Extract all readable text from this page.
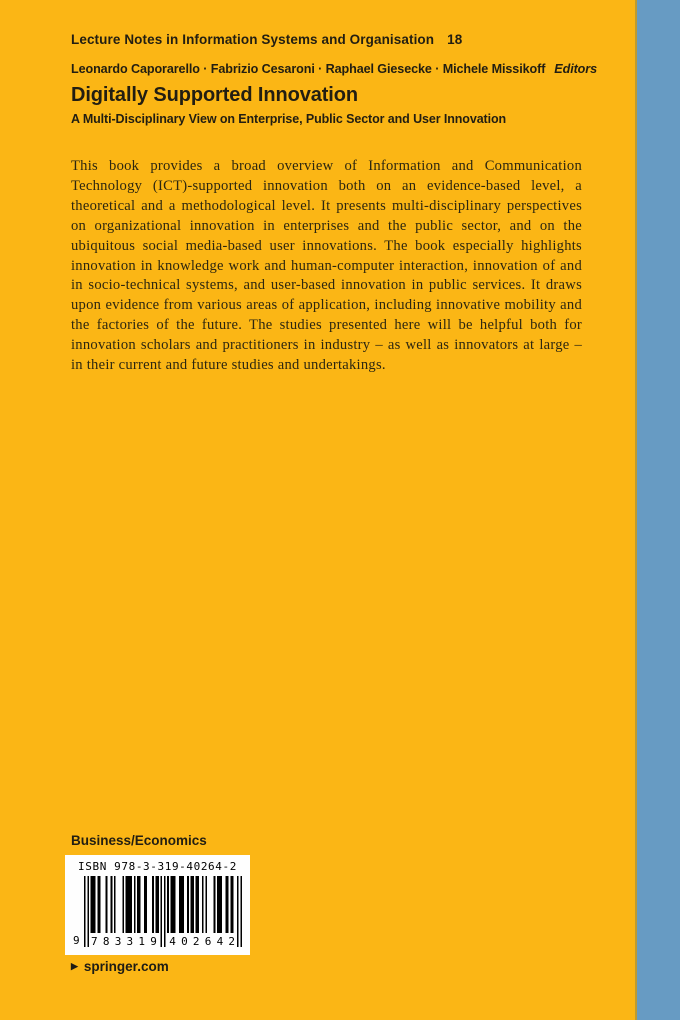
Lecture Notes in Information Systems and Organisation 18
Leonardo Caporarello · Fabrizio Cesaroni · Raphael Giesecke · Michele Missikoff Editors
Digitally Supported Innovation
A Multi-Disciplinary View on Enterprise, Public Sector and User Innovation
This book provides a broad overview of Information and Communication Technology (ICT)-supported innovation both on an evidence-based level, a theoretical and a methodological level. It presents multi-disciplinary perspectives on organizational innovation in enterprises and the public sector, and on the ubiquitous social media-based user innovations. The book especially highlights innovation in knowledge work and human-computer interaction, innovation of and in socio-technical systems, and user-based innovation in public services. It draws upon evidence from various areas of application, including innovative mobility and the factories of the future. The studies presented here will be helpful both for innovation scholars and practitioners in industry – as well as innovators at large – in their current and future studies and undertakings.
Business/Economics
ISBN 978-3-319-40264-2
9	7 8 3 3 1 9 4 0 2 6 4 2
▶ springer.com
